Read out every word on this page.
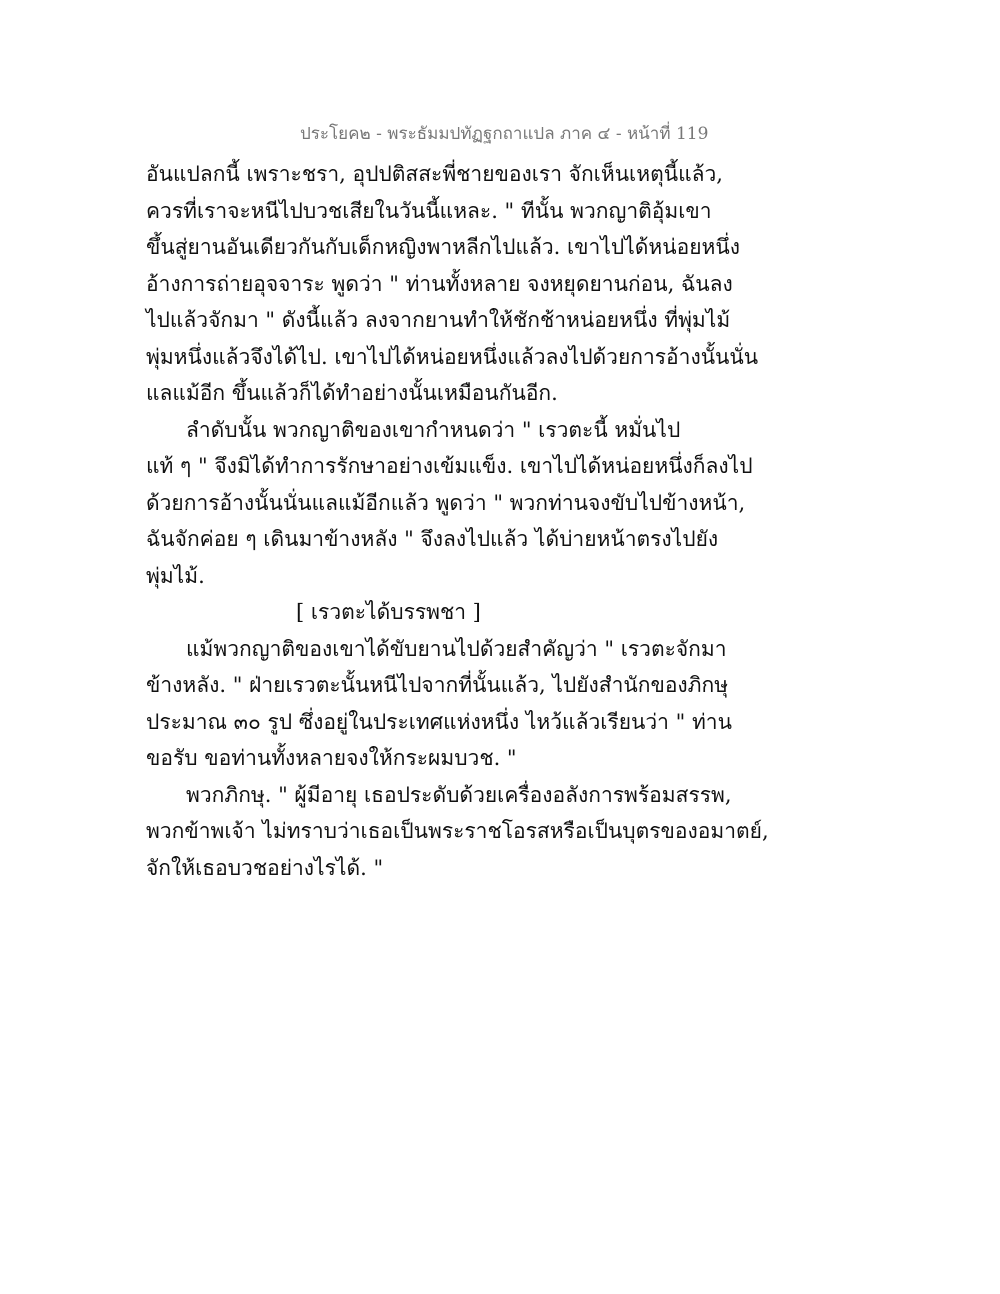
ประโยค๒ - พระธัมมปทัฏฐกถาแปล ภาค ๔ - หน้าที่ 119
อันแปลกนี้ เพราะชรา, อุปปติสสะพี่ชายของเรา จักเห็นเหตุนี้แล้ว,
ควรที่เราจะหนีไปบวชเสียในวันนี้แหละ. " ทีนั้น พวกญาติอุ้มเขา
ขึ้นสู่ยานอันเดียวกันกับเด็กหญิงพาหลีกไปแล้ว. เขาไปได้หน่อยหนึ่ง
อ้างการถ่ายอุจจาระ พูดว่า " ท่านทั้งหลาย จงหยุดยานก่อน, ฉันลง
ไปแล้วจักมา " ดังนี้แล้ว ลงจากยานทำให้ชักช้าหน่อยหนึ่ง ที่พุ่มไม้
พุ่มหนึ่งแล้วจึงได้ไป. เขาไปได้หน่อยหนึ่งแล้วลงไปด้วยการอ้างนั้นนั่น
แลแม้อีก ขึ้นแล้วก็ได้ทำอย่างนั้นเหมือนกันอีก.
ลำดับนั้น พวกญาติของเขากำหนดว่า " เรวตะนี้ หมั่นไป
แท้ ๆ " จึงมิได้ทำการรักษาอย่างเข้มแข็ง. เขาไปได้หน่อยหนึ่งก็ลงไป
ด้วยการอ้างนั้นนั่นแลแม้อีกแล้ว พูดว่า " พวกท่านจงขับไปข้างหน้า,
ฉันจักค่อย ๆ เดินมาข้างหลัง " จึงลงไปแล้ว ได้บ่ายหน้าตรงไปยัง
พุ่มไม้.
[ เรวตะได้บรรพชา ]
แม้พวกญาติของเขาได้ขับยานไปด้วยสำคัญว่า " เรวตะจักมา
ข้างหลัง. " ฝ่ายเรวตะนั้นหนีไปจากที่นั้นแล้ว, ไปยังสำนักของภิกษุ
ประมาณ ๓๐ รูป ซึ่งอยู่ในประเทศแห่งหนึ่ง ไหว้แล้วเรียนว่า " ท่าน
ขอรับ ขอท่านทั้งหลายจงให้กระผมบวช. "
พวกภิกษุ. " ผู้มีอายุ เธอประดับด้วยเครื่องอลังการพร้อมสรรพ,
พวกข้าพเจ้า ไม่ทราบว่าเธอเป็นพระราชโอรสหรือเป็นบุตรของอมาตย์,
จักให้เธอบวชอย่างไรได้. "
